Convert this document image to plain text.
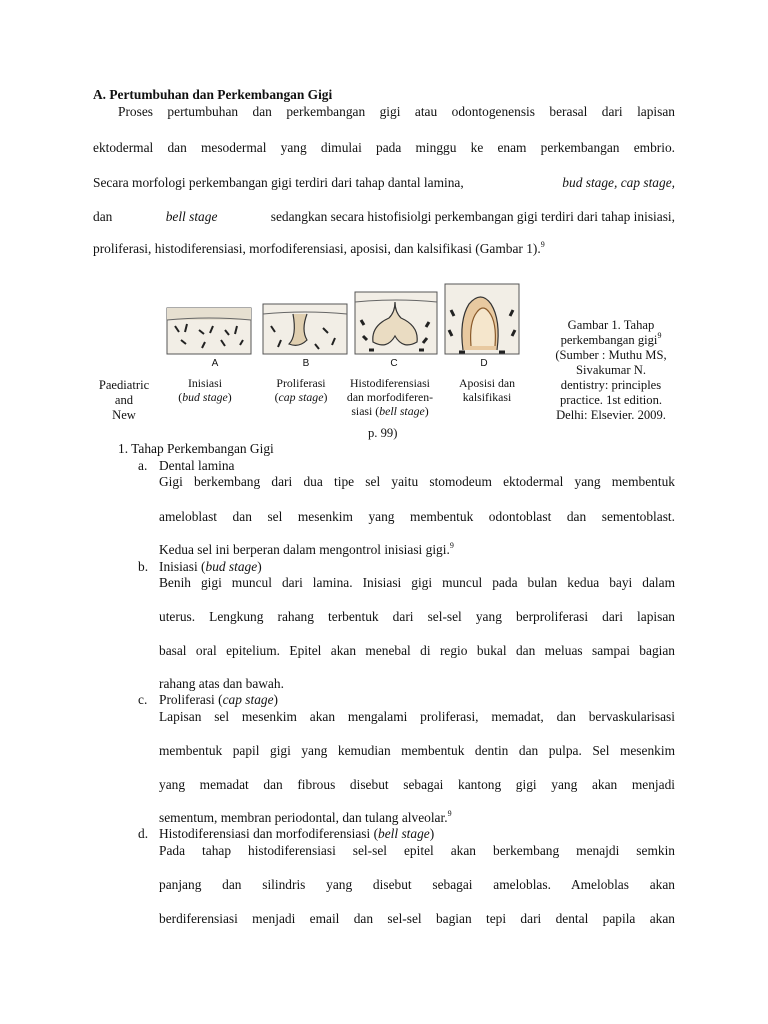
A. Pertumbuhan dan Perkembangan Gigi
Proses pertumbuhan dan perkembangan gigi atau odontogenensis berasal dari lapisan
ektodermal dan mesodermal yang dimulai pada minggu ke enam perkembangan embrio.
Secara morfologi perkembangan gigi terdiri dari tahap dantal lamina,	bud stage, cap stage,
dan	bell stage	sedangkan secara histofisiolgi perkembangan gigi terdiri dari tahap inisiasi,
proliferasi, histodiferensiasi, morfodiferensiasi, aposisi, dan kalsifikasi (Gambar 1).$^9$
A	B	C	D
Inisiasi
(bud stage)
Proliferasi
(cap stage)
Histodiferensiasi
dan morfodiferen-
siasi (bell stage)
Aposisi dan
kalsifikasi
Paediatric
and
New
Gambar 1. Tahap
perkembangan gigi$^9$
(Sumber : Muthu MS,
Sivakumar N.
dentistry: principles
practice. 1st edition.
Delhi: Elsevier. 2009.
p. 99)
1. Tahap Perkembangan Gigi
a. Dental lamina
Gigi berkembang dari dua tipe sel yaitu stomodeum ektodermal yang membentuk
ameloblast dan sel mesenkim yang membentuk odontoblast dan sementoblast.
Kedua sel ini berperan dalam mengontrol inisiasi gigi.$^9$
b. Inisiasi (bud stage)
Benih gigi muncul dari lamina. Inisiasi gigi muncul pada bulan kedua bayi dalam
uterus. Lengkung rahang terbentuk dari sel-sel yang berproliferasi dari lapisan
basal oral epitelium. Epitel akan menebal di regio bukal dan meluas sampai bagian
rahang atas dan bawah.
c. Proliferasi (cap stage)
Lapisan sel mesenkim akan mengalami proliferasi, memadat, dan bervaskularisasi
membentuk papil gigi yang kemudian membentuk dentin dan pulpa. Sel mesenkim
yang memadat dan fibrous disebut sebagai kantong gigi yang akan menjadi
sementum, membran periodontal, dan tulang alveolar.$^9$
d. Histodiferensiasi dan morfodiferensiasi (bell stage)
Pada tahap histodiferensiasi sel-sel epitel akan berkembang menajdi semkin
panjang dan silindris yang disebut sebagai ameloblas. Ameloblas akan
berdiferensiasi menjadi email dan sel-sel bagian tepi dari dental papila akan
